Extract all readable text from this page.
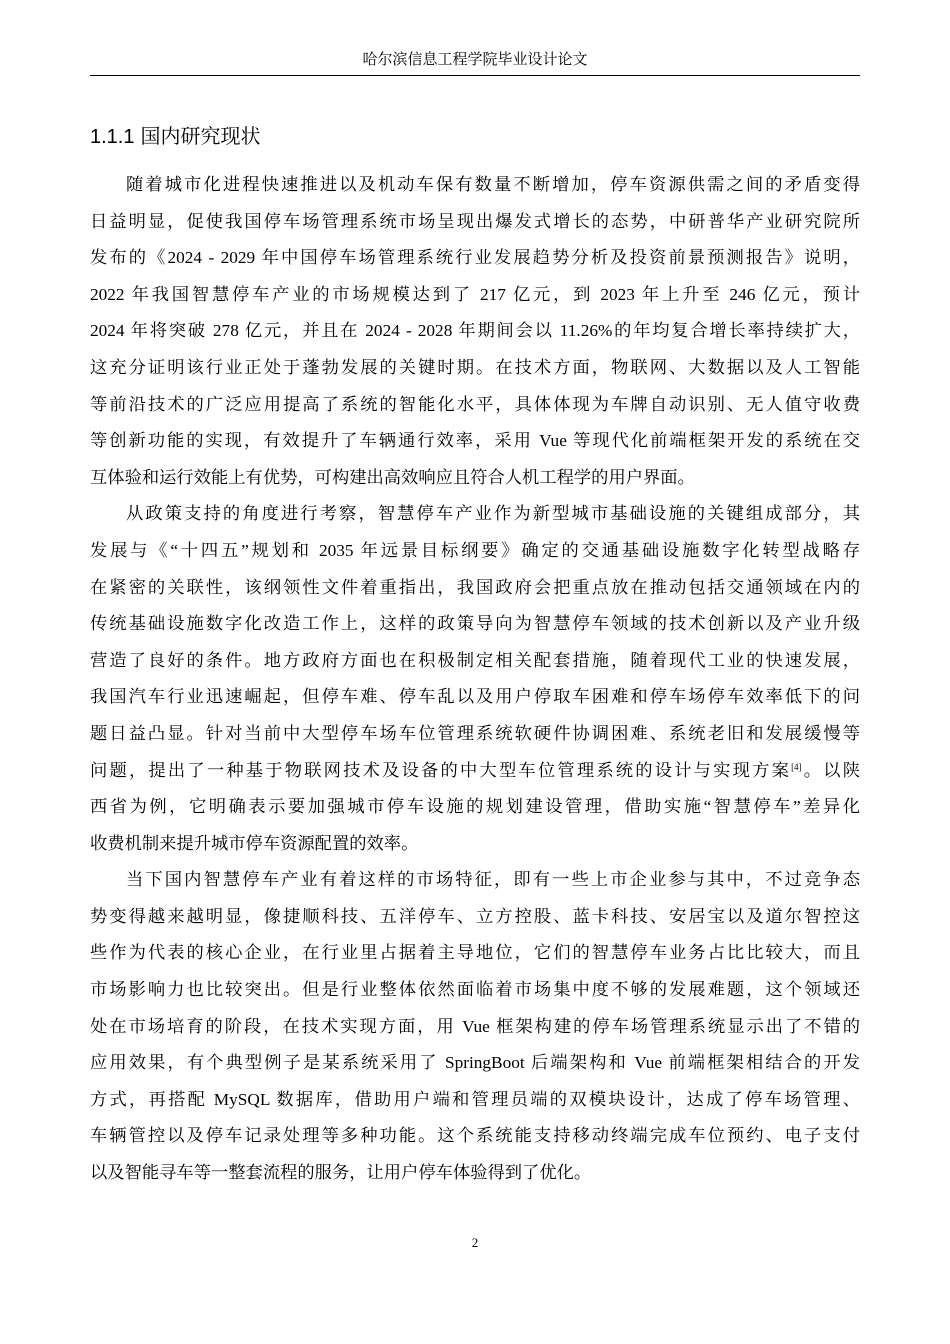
哈尔滨信息工程学院毕业设计论文
1.1.1 国内研究现状
随着城市化进程快速推进以及机动车保有数量不断增加，停车资源供需之间的矛盾变得
日益明显，促使我国停车场管理系统市场呈现出爆发式增长的态势，中研普华产业研究院所
发布的《2024 - 2029 年中国停车场管理系统行业发展趋势分析及投资前景预测报告》说明，
2022 年我国智慧停车产业的市场规模达到了 217 亿元，到 2023 年上升至 246 亿元，预计
2024 年将突破 278 亿元，并且在 2024 - 2028 年期间会以 11.26%的年均复合增长率持续扩大，
这充分证明该行业正处于蓬勃发展的关键时期。在技术方面，物联网、大数据以及人工智能
等前沿技术的广泛应用提高了系统的智能化水平，具体体现为车牌自动识别、无人值守收费
等创新功能的实现，有效提升了车辆通行效率，采用 Vue 等现代化前端框架开发的系统在交
互体验和运行效能上有优势，可构建出高效响应且符合人机工程学的用户界面。
从政策支持的角度进行考察，智慧停车产业作为新型城市基础设施的关键组成部分，其
发展与《“十四五”规划和 2035 年远景目标纲要》确定的交通基础设施数字化转型战略存
在紧密的关联性，该纲领性文件着重指出，我国政府会把重点放在推动包括交通领域在内的
传统基础设施数字化改造工作上，这样的政策导向为智慧停车领域的技术创新以及产业升级
营造了良好的条件。地方政府方面也在积极制定相关配套措施，随着现代工业的快速发展，
我国汽车行业迅速崛起，但停车难、停车乱以及用户停取车困难和停车场停车效率低下的问
题日益凸显。针对当前中大型停车场车位管理系统软硬件协调困难、系统老旧和发展缓慢等
问题，提出了一种基于物联网技术及设备的中大型车位管理系统的设计与实现方案[4]。以陕
西省为例，它明确表示要加强城市停车设施的规划建设管理，借助实施“智慧停车”差异化
收费机制来提升城市停车资源配置的效率。
当下国内智慧停车产业有着这样的市场特征，即有一些上市企业参与其中，不过竞争态
势变得越来越明显，像捷顺科技、五洋停车、立方控股、蓝卡科技、安居宝以及道尔智控这
些作为代表的核心企业，在行业里占据着主导地位，它们的智慧停车业务占比比较大，而且
市场影响力也比较突出。但是行业整体依然面临着市场集中度不够的发展难题，这个领域还
处在市场培育的阶段，在技术实现方面，用 Vue 框架构建的停车场管理系统显示出了不错的
应用效果，有个典型例子是某系统采用了 SpringBoot 后端架构和 Vue 前端框架相结合的开发
方式，再搭配 MySQL 数据库，借助用户端和管理员端的双模块设计，达成了停车场管理、
车辆管控以及停车记录处理等多种功能。这个系统能支持移动终端完成车位预约、电子支付
以及智能寻车等一整套流程的服务，让用户停车体验得到了优化。
2
